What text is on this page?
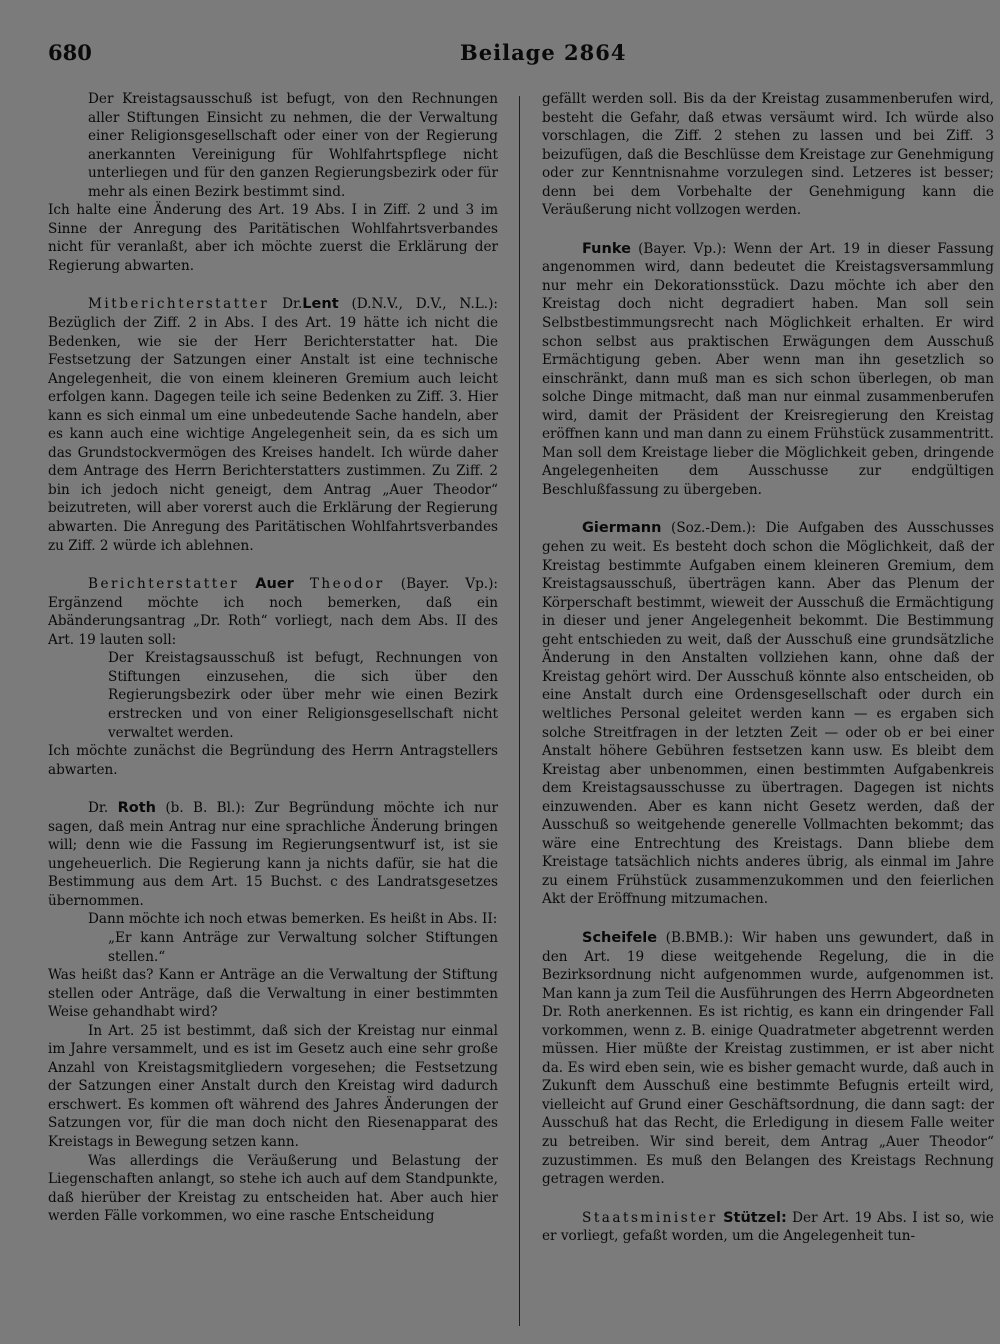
680	Beilage 2864

Der Kreistagsausschuß ist befugt, von den Rechnungen aller Stiftungen Einsicht zu nehmen, die der Verwaltung einer Religionsgesellschaft oder einer von der Regierung anerkannten Vereinigung für Wohlfahrtspflege nicht unterliegen und für den ganzen Regierungsbezirk oder für mehr als einen Bezirk bestimmt sind.

Ich halte eine Änderung des Art. 19 Abs. I in Ziff. 2 und 3 im Sinne der Anregung des Paritätischen Wohlfahrtsverbandes nicht für veranlaßt, aber ich möchte zuerst die Erklärung der Regierung abwarten.

Mitberichterstatter Dr.Lent (D.N.V., D.V., N.L.): Bezüglich der Ziff. 2 in Abs. I des Art. 19 hätte ich nicht die Bedenken, wie sie der Herr Berichterstatter hat. Die Festsetzung der Satzungen einer Anstalt ist eine technische Angelegenheit, die von einem kleineren Gremium auch leicht erfolgen kann. Dagegen teile ich seine Bedenken zu Ziff. 3. Hier kann es sich einmal um eine unbedeutende Sache handeln, aber es kann auch eine wichtige Angelegenheit sein, da es sich um das Grundstockvermögen des Kreises handelt. Ich würde daher dem Antrage des Herrn Berichterstatters zustimmen. Zu Ziff. 2 bin ich jedoch nicht geneigt, dem Antrag „Auer Theodor“ beizutreten, will aber vorerst auch die Erklärung der Regierung abwarten. Die Anregung des Paritätischen Wohlfahrtsverbandes zu Ziff. 2 würde ich ablehnen.

Berichterstatter Auer Theodor (Bayer. Vp.): Ergänzend möchte ich noch bemerken, daß ein Abänderungsantrag „Dr. Roth“ vorliegt, nach dem Abs. II des Art. 19 lauten soll:

Der Kreistagsausschuß ist befugt, Rechnungen von Stiftungen einzusehen, die sich über den Regierungsbezirk oder über mehr wie einen Bezirk erstrecken und von einer Religionsgesellschaft nicht verwaltet werden.

Ich möchte zunächst die Begründung des Herrn Antragstellers abwarten.

Dr. Roth (b. B. Bl.): Zur Begründung möchte ich nur sagen, daß mein Antrag nur eine sprachliche Änderung bringen will; denn wie die Fassung im Regierungsentwurf ist, ist sie ungeheuerlich. Die Regierung kann ja nichts dafür, sie hat die Bestimmung aus dem Art. 15 Buchst. c des Landratsgesetzes übernommen.

Dann möchte ich noch etwas bemerken. Es heißt in Abs. II:

„Er kann Anträge zur Verwaltung solcher Stiftungen stellen.“

Was heißt das? Kann er Anträge an die Verwaltung der Stiftung stellen oder Anträge, daß die Verwaltung in einer bestimmten Weise gehandhabt wird?

In Art. 25 ist bestimmt, daß sich der Kreistag nur einmal im Jahre versammelt, und es ist im Gesetz auch eine sehr große Anzahl von Kreistagsmitgliedern vorgesehen; die Festsetzung der Satzungen einer Anstalt durch den Kreistag wird dadurch erschwert. Es kommen oft während des Jahres Änderungen der Satzungen vor, für die man doch nicht den Riesenapparat des Kreistags in Bewegung setzen kann.

Was allerdings die Veräußerung und Belastung der Liegenschaften anlangt, so stehe ich auch auf dem Standpunkte, daß hierüber der Kreistag zu entscheiden hat. Aber auch hier werden Fälle vorkommen, wo eine rasche Entscheidung

gefällt werden soll. Bis da der Kreistag zusammenberufen wird, besteht die Gefahr, daß etwas versäumt wird. Ich würde also vorschlagen, die Ziff. 2 stehen zu lassen und bei Ziff. 3 beizufügen, daß die Beschlüsse dem Kreistage zur Genehmigung oder zur Kenntnisnahme vorzulegen sind. Letzeres ist besser; denn bei dem Vorbehalte der Genehmigung kann die Veräußerung nicht vollzogen werden.

Funke (Bayer. Vp.): Wenn der Art. 19 in dieser Fassung angenommen wird, dann bedeutet die Kreistagsversammlung nur mehr ein Dekorationsstück. Dazu möchte ich aber den Kreistag doch nicht degradiert haben. Man soll sein Selbstbestimmungsrecht nach Möglichkeit erhalten. Er wird schon selbst aus praktischen Erwägungen dem Ausschuß Ermächtigung geben. Aber wenn man ihn gesetzlich so einschränkt, dann muß man es sich schon überlegen, ob man solche Dinge mitmacht, daß man nur einmal zusammenberufen wird, damit der Präsident der Kreisregierung den Kreistag eröffnen kann und man dann zu einem Frühstück zusammentritt. Man soll dem Kreistage lieber die Möglichkeit geben, dringende Angelegenheiten dem Ausschusse zur endgültigen Beschlußfassung zu übergeben.

Giermann (Soz.-Dem.): Die Aufgaben des Ausschusses gehen zu weit. Es besteht doch schon die Möglichkeit, daß der Kreistag bestimmte Aufgaben einem kleineren Gremium, dem Kreistagsausschuß, überträgen kann. Aber das Plenum der Körperschaft bestimmt, wieweit der Ausschuß die Ermächtigung in dieser und jener Angelegenheit bekommt. Die Bestimmung geht entschieden zu weit, daß der Ausschuß eine grundsätzliche Änderung in den Anstalten vollziehen kann, ohne daß der Kreistag gehört wird. Der Ausschuß könnte also entscheiden, ob eine Anstalt durch eine Ordensgesellschaft oder durch ein weltliches Personal geleitet werden kann — es ergaben sich solche Streitfragen in der letzten Zeit — oder ob er bei einer Anstalt höhere Gebühren festsetzen kann usw. Es bleibt dem Kreistag aber unbenommen, einen bestimmten Aufgabenkreis dem Kreistagsausschusse zu übertragen. Dagegen ist nichts einzuwenden. Aber es kann nicht Gesetz werden, daß der Ausschuß so weitgehende generelle Vollmachten bekommt; das wäre eine Entrechtung des Kreistags. Dann bliebe dem Kreistage tatsächlich nichts anderes übrig, als einmal im Jahre zu einem Frühstück zusammenzukommen und den feierlichen Akt der Eröffnung mitzumachen.

Scheifele (B.BMB.): Wir haben uns gewundert, daß in den Art. 19 diese weitgehende Regelung, die in die Bezirksordnung nicht aufgenommen wurde, aufgenommen ist. Man kann ja zum Teil die Ausführungen des Herrn Abgeordneten Dr. Roth anerkennen. Es ist richtig, es kann ein dringender Fall vorkommen, wenn z. B. einige Quadratmeter abgetrennt werden müssen. Hier müßte der Kreistag zustimmen, er ist aber nicht da. Es wird eben sein, wie es bisher gemacht wurde, daß auch in Zukunft dem Ausschuß eine bestimmte Befugnis erteilt wird, vielleicht auf Grund einer Geschäftsordnung, die dann sagt: der Ausschuß hat das Recht, die Erledigung in diesem Falle weiter zu betreiben. Wir sind bereit, dem Antrag „Auer Theodor“ zuzustimmen. Es muß den Belangen des Kreistags Rechnung getragen werden.

Staatsminister Stützel: Der Art. 19 Abs. I ist so, wie er vorliegt, gefaßt worden, um die Angelegenheit tun-
